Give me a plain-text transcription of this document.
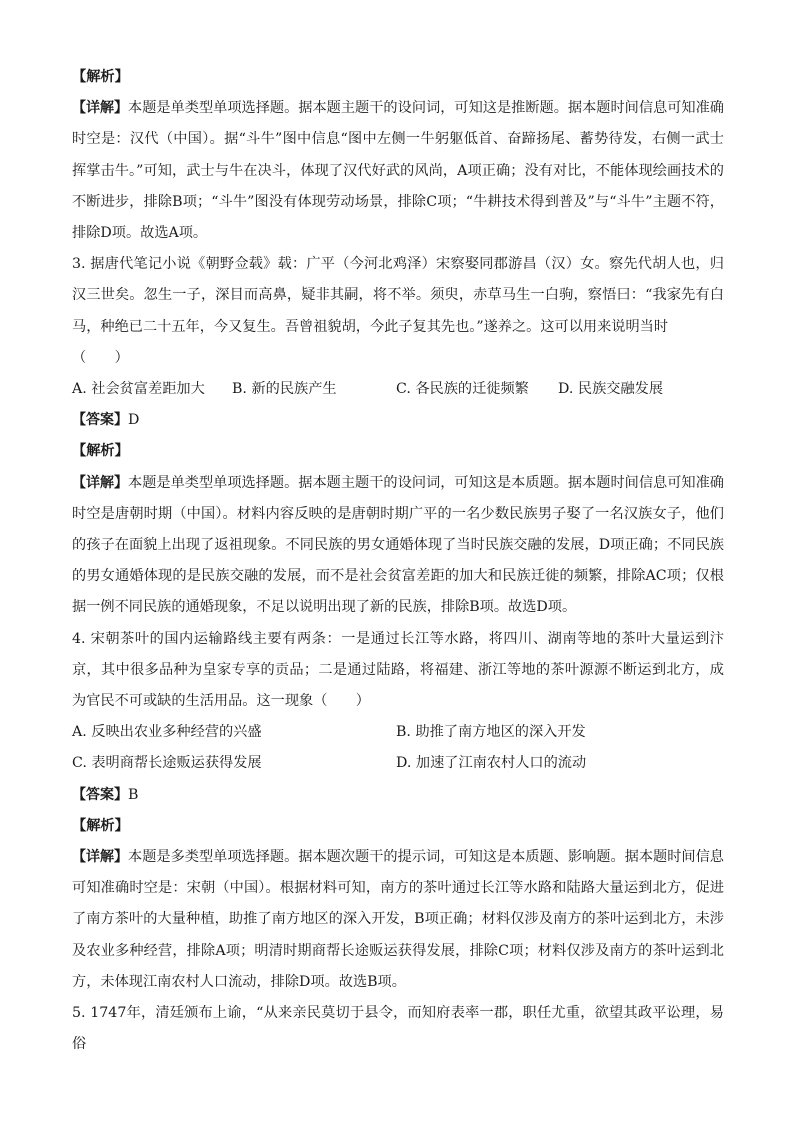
【解析】

【详解】本题是单类型单项选择题。据本题主题干的设问词，可知这是推断题。据本题时间信息可知准确时空是：汉代（中国）。据“斗牛”图中信息“图中左侧一牛躬躯低首、奋蹄扬尾、蓄势待发，右侧一武士挥掌击牛。”可知，武士与牛在决斗，体现了汉代好武的风尚，A项正确；没有对比，不能体现绘画技术的不断进步，排除B项；“斗牛”图没有体现劳动场景，排除C项；“牛耕技术得到普及”与“斗牛”主题不符，排除D项。故选A项。

3. 据唐代笔记小说《朝野佥载》载：广平（今河北鸡泽）宋察娶同郡游昌（汉）女。察先代胡人也，归汉三世矣。忽生一子，深目而高鼻，疑非其嗣，将不举。须臾，赤草马生一白驹，察悟曰：“我家先有白马，种绝已二十五年，今又复生。吾曾祖貌胡，今此子复其先也。”遂养之。这可以用来说明当时

（　　）
A. 社会贫富差距加大	B. 新的民族产生	C. 各民族的迁徙频繁	D. 民族交融发展
【答案】D
【解析】

【详解】本题是单类型单项选择题。据本题主题干的设问词，可知这是本质题。据本题时间信息可知准确时空是唐朝时期（中国）。材料内容反映的是唐朝时期广平的一名少数民族男子娶了一名汉族女子，他们的孩子在面貌上出现了返祖现象。不同民族的男女通婚体现了当时民族交融的发展，D项正确；不同民族的男女通婚体现的是民族交融的发展，而不是社会贫富差距的加大和民族迁徙的频繁，排除AC项；仅根据一例不同民族的通婚现象，不足以说明出现了新的民族，排除B项。故选D项。

4. 宋朝茶叶的国内运输路线主要有两条：一是通过长江等水路，将四川、湖南等地的茶叶大量运到汴京，其中很多品种为皇家专享的贡品；二是通过陆路，将福建、浙江等地的茶叶源源不断运到北方，成为官民不可或缺的生活用品。这一现象（　　）

A. 反映出农业多种经营的兴盛	B. 助推了南方地区的深入开发
C. 表明商帮长途贩运获得发展	D. 加速了江南农村人口的流动
【答案】B
【解析】

【详解】本题是多类型单项选择题。据本题次题干的提示词，可知这是本质题、影响题。据本题时间信息可知准确时空是：宋朝（中国）。根据材料可知，南方的茶叶通过长江等水路和陆路大量运到北方，促进了南方茶叶的大量种植，助推了南方地区的深入开发，B项正确；材料仅涉及南方的茶叶运到北方，未涉及农业多种经营，排除A项；明清时期商帮长途贩运获得发展，排除C项；材料仅涉及南方的茶叶运到北方，未体现江南农村人口流动，排除D项。故选B项。

5. 1747年，清廷颁布上谕，“从来亲民莫切于县令，而知府表率一郡，职任尤重，欲望其政平讼理，易俗
